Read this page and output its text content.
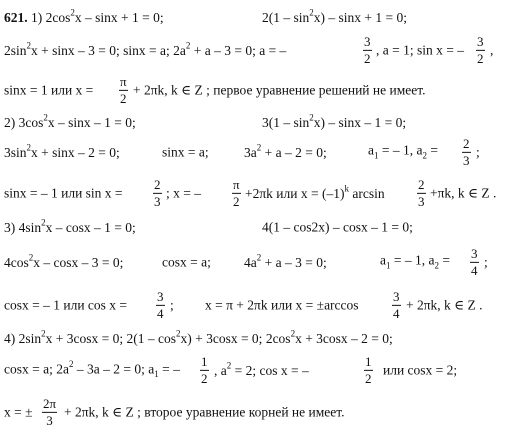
621. 1) $2\cos^2x - \sin x + 1 = 0$;	$2(1 - \sin^2x) - \sin x + 1 = 0$;
$2\sin^2x + \sin x - 3 = 0$; sinx = a; $2a^2 + a - 3 = 0$; a = –
3
2
, a = 1; sin x = –
3
2
,
sinx = 1 или x =
π
2
+ 2πk, k ∈ Z ; первое уравнение решений не имеет.
2) $3\cos^2x - \sin x - 1 = 0$;	$3(1 - \sin^2x) - \sin x - 1 = 0$;
$3\sin^2x + \sin x - 2 = 0$;	sinx = a;	$3a^2 + a - 2 = 0$;	$a_1$ = – 1, $a_2 = 2$
3
;
sinx = – 1 или sin x =
2
3
; x = –
π
2 +2πk или $x = (-1)^k$ arcsin
2
3
+πk, k ∈ Z .
3) $4\sin^2x - \cos x - 1 = 0$;	4(1 – cos2x) – cosx – 1 = 0;
$4\cos^2x - \cos x - 3 = 0$;	cosx = a; $4a^2 + a - 3 = 0$;	$a_1$ = – 1, $a_2 = 3$
4
;
cosx = – 1 или cos x =
3
4
; x = π + 2πk или x = ±arccos
3
4
+ 2πk, k ∈ Z .
4) $2\sin^2x + 3\cos x = 0$; $2(1 - \cos^2x) + 3\cos x = 0$; $2\cos^2x + 3\cos x - 2 = 0$;
cosx = a; $2a^2 - 3a - 2 = 0$; $a_1$ = –
1
2 , $a^2 = 2$; cos x = –
1
2
или cosx = 2;
x = ±
2π
3
+ 2πk, k ∈ Z ; второе уравнение корней не имеет.
